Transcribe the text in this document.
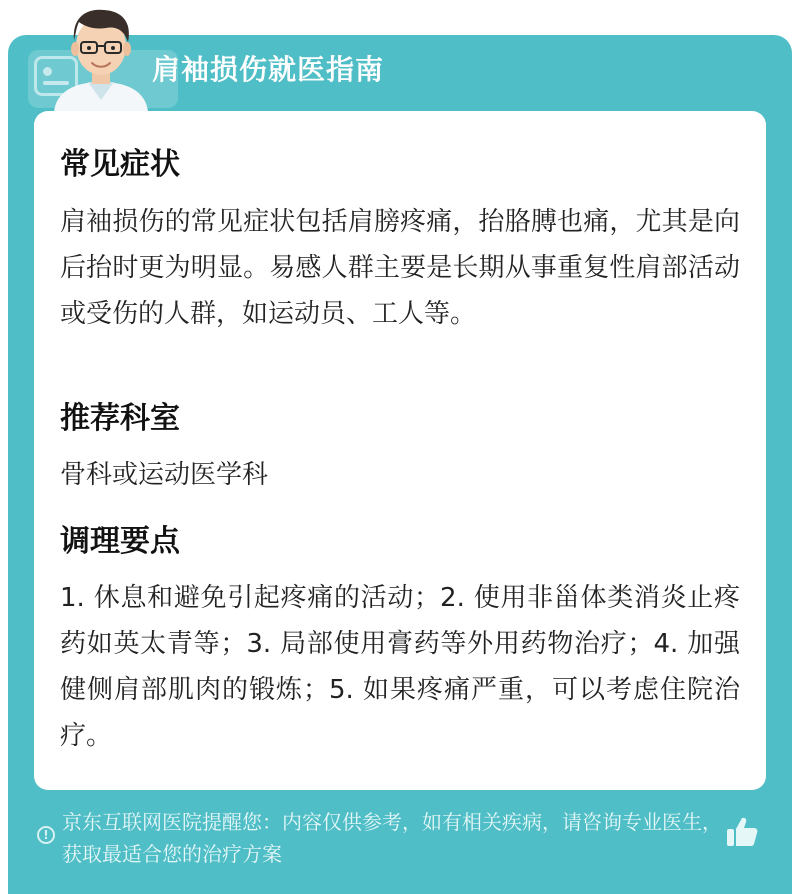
肩袖损伤就医指南
常见症状
肩袖损伤的常见症状包括肩膀疼痛，抬胳膊也痛，尤其是向后抬时更为明显。易感人群主要是长期从事重复性肩部活动或受伤的人群，如运动员、工人等。
推荐科室
骨科或运动医学科
调理要点
1. 休息和避免引起疼痛的活动；2. 使用非甾体类消炎止疼药如英太青等；3. 局部使用膏药等外用药物治疗；4. 加强健侧肩部肌肉的锻炼；5. 如果疼痛严重，可以考虑住院治疗。
!
京东互联网医院提醒您：内容仅供参考，如有相关疾病，请咨询专业医生，获取最适合您的治疗方案
